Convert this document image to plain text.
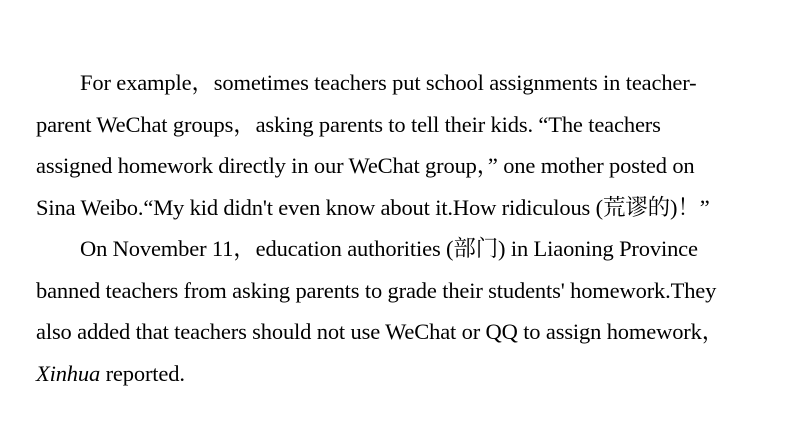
For example，sometimes teachers put school assignments in teacher-
parent WeChat groups，asking parents to tell their kids. “The teachers
assigned homework directly in our WeChat group，” one mother posted on
Sina Weibo.“My kid didn't even know about it.How ridiculous (荒谬的)！”
On November 11，education authorities (部门) in Liaoning Province
banned teachers from asking parents to grade their students' homework.They
also added that teachers should not use WeChat or QQ to assign homework，
Xinhua reported.
